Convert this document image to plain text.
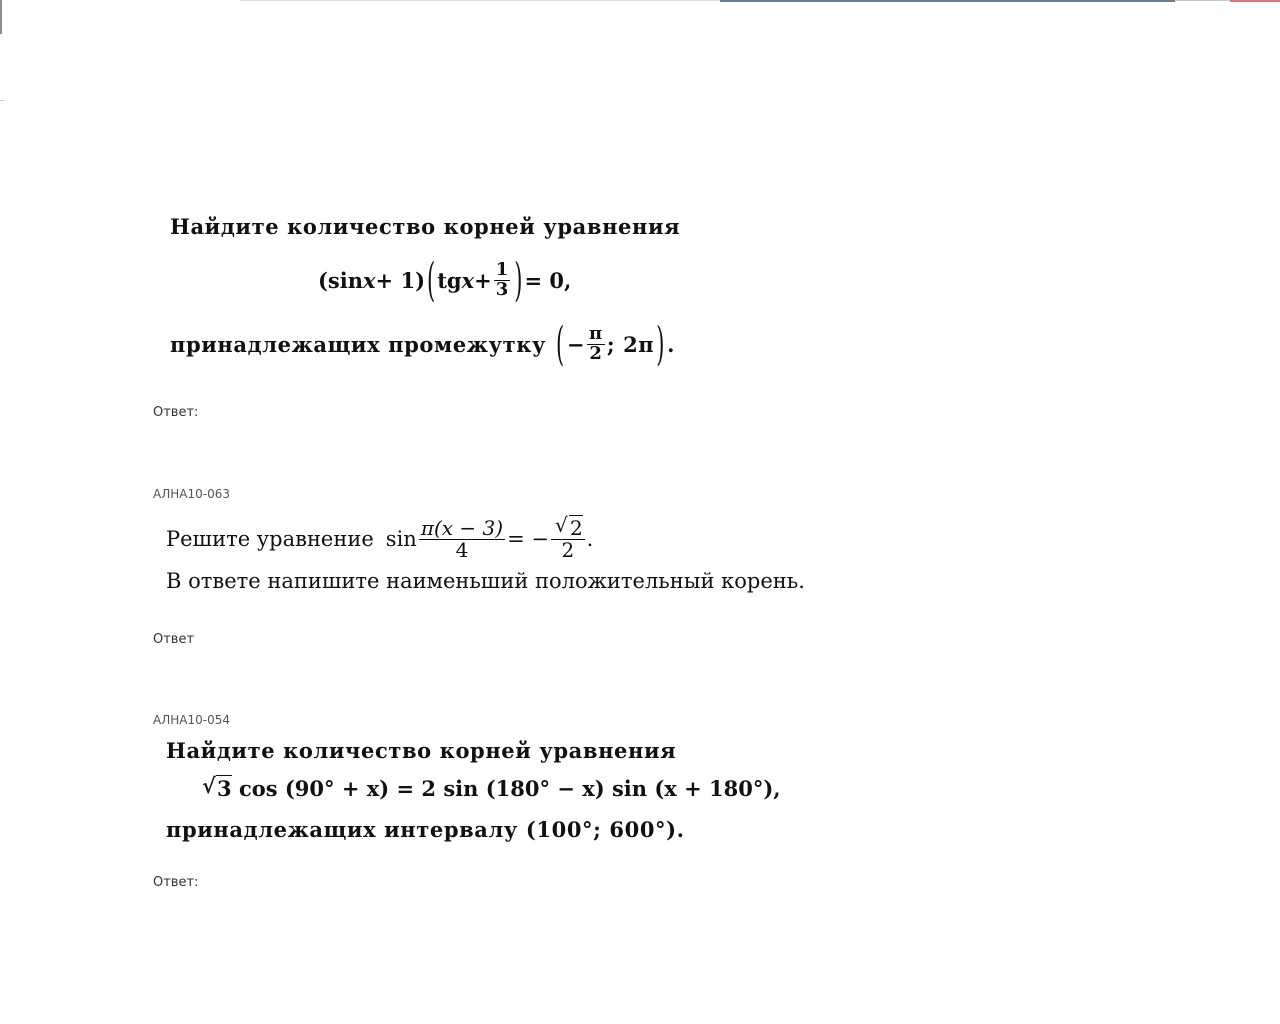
Найдите количество корней уравнения
(sin x + 1) ( tg $x + \frac{1}{3}$ ) = 0,
принадлежащих промежутку ( − $\frac{\pi}{2}$ ; 2π ) .
Ответ:
АЛНА10-063
Решите уравнение $\sin \frac{\pi(x - 3)}{4}$ = − $\frac{√ 2}{2}$ .
В ответе напишите наименьший положительный корень.
Ответ
АЛНА10-054
Найдите количество корней уравнения
√ 3 cos (90° + x) = 2 sin (180° − x) sin (x + 180°),
принадлежащих интервалу (100°; 600°).
Ответ:
